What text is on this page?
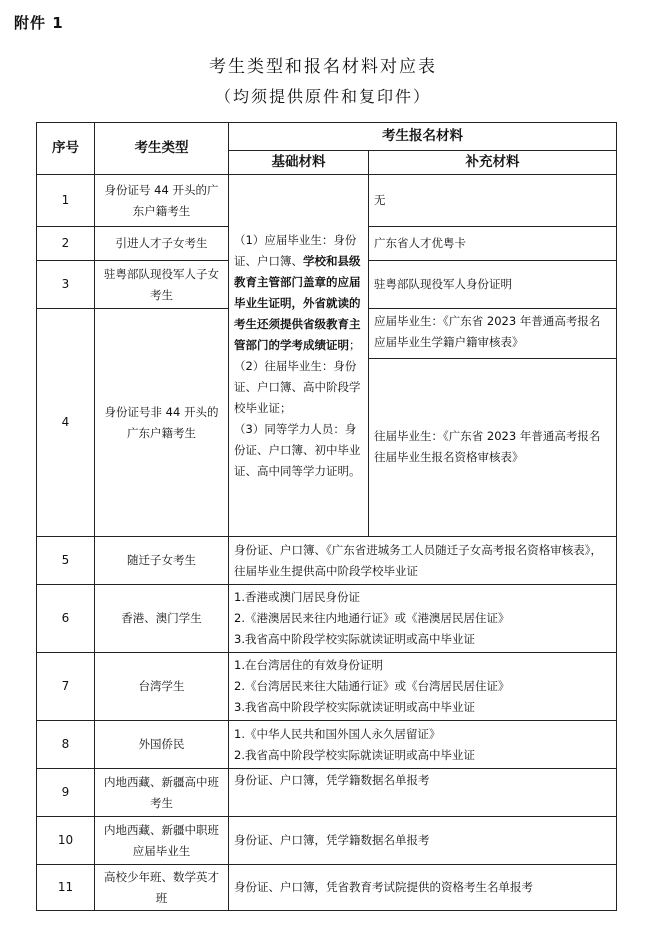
附件 1
考生类型和报名材料对应表
（均须提供原件和复印件）
序号	考生类型	考生报名材料	
		基础材料	补充材料
1	身份证号 44 开头的广东户籍考生	（1）应届毕业生：身份证、户口簿、学校和县级教育主管部门盖章的应届毕业生证明，外省就读的考生还须提供省级教育主管部门的学考成绩证明；
（2）往届毕业生：身份证、户口簿、高中阶段学校毕业证；
（3）同等学力人员：身份证、户口簿、初中毕业证、高中同等学力证明。	无
2	引进人才子女考生		广东省人才优粤卡
3	驻粤部队现役军人子女考生		驻粤部队现役军人身份证明
4	身份证号非 44 开头的广东户籍考生		应届毕业生：《广东省 2023 年普通高考报名应届毕业生学籍户籍审核表》
往届毕业生：《广东省 2023 年普通高考报名往届毕业生报名资格审核表》

5	随迁子女考生	身份证、户口簿、《广东省进城务工人员随迁子女高考报名资格审核表》，往届毕业生提供高中阶段学校毕业证	

6	香港、澳门学生	1.香港或澳门居民身份证
2.《港澳居民来往内地通行证》或《港澳居民居住证》
3.我省高中阶段学校实际就读证明或高中毕业证	

7	台湾学生	1.在台湾居住的有效身份证明
2.《台湾居民来往大陆通行证》或《台湾居民居住证》
3.我省高中阶段学校实际就读证明或高中毕业证	

8	外国侨民	1.《中华人民共和国外国人永久居留证》
2.我省高中阶段学校实际就读证明或高中毕业证	

9	内地西藏、新疆高中班考生	身份证、户口簿，凭学籍数据名单报考	

10	内地西藏、新疆中职班应届毕业生	身份证、户口簿，凭学籍数据名单报考	

11	高校少年班、数学英才班	身份证、户口簿，凭省教育考试院提供的资格考生名单报考	
